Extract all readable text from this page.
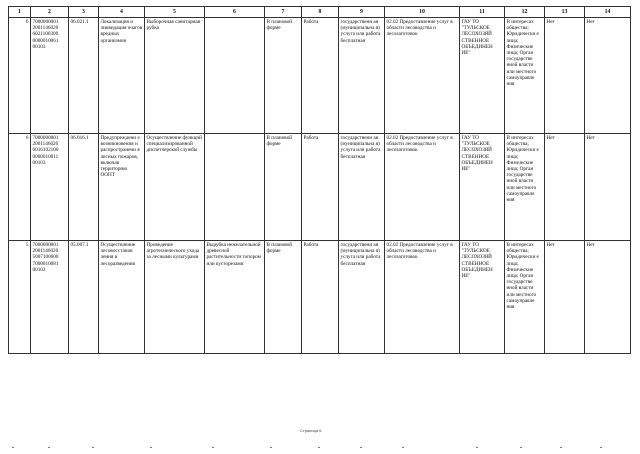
1	2	3	4	5	6	7	8	9	10	11	12	13	14
6	7000000001 2001146020 6021100300 0000010061 00103	06.021.1	Локализация и ликвидация очагов вредных организмов	Выборочная санитарная рубка		В плановой форме	Работа	государственн ая (муниципальна я) услуга или работа бесплатная	02.02 Предоставление услуг в области лесоводства и лесозаготовок	ГАУ ТО "ТУЛЬСКОЕ ЛЕСОХОЗЯЙ СТВЕННОЕ ОБЪЕДИНЕН ИЕ"	В интересах общества; Юридически е лица; Физические лица; Орган государстве нной власти или местного самоуправле ния	Нет	Нет
6	7000000001 2001146020 6016102100 0000010011 00103	06.016.1	Предупреждени е возникновения и распространени я лесных пожаров, включая территорию ООПТ	Осуществление функций специализированной диспетчерской службы		В плановой форме	Работа	государственн ая (муниципальна я) услуга или работа бесплатная	02.02 Предоставление услуг в области лесоводства и лесозаготовок	ГАУ ТО "ТУЛЬСКОЕ ЛЕСОХОЗЯЙ СТВЕННОЕ ОБЪЕДИНЕН ИЕ"	В интересах общества; Юридически е лица; Физические лица; Орган государстве нной власти или местного самоуправле ния	Нет	Нет
5	7000000001 2001146020 5007100600 7000010081 00103	05.007.1	Осуществление лесовосстанов ления и лесоразведения	Проведение агротехнического ухода за лесными культурами	Вырубка нежелательной древесной растительности топором или кусторезами	В плановой форме	Работа	государственн ая (муниципальна я) услуга или работа бесплатная	02.02 Предоставление услуг в области лесоводства и лесозаготовок	ГАУ ТО "ТУЛЬСКОЕ ЛЕСОХОЗЯЙ СТВЕННОЕ ОБЪЕДИНЕН ИЕ"	В интересах общества; Юридически е лица; Физические лица; Орган государстве нной власти или местного самоуправле ния	Нет	Нет
Страница 6
